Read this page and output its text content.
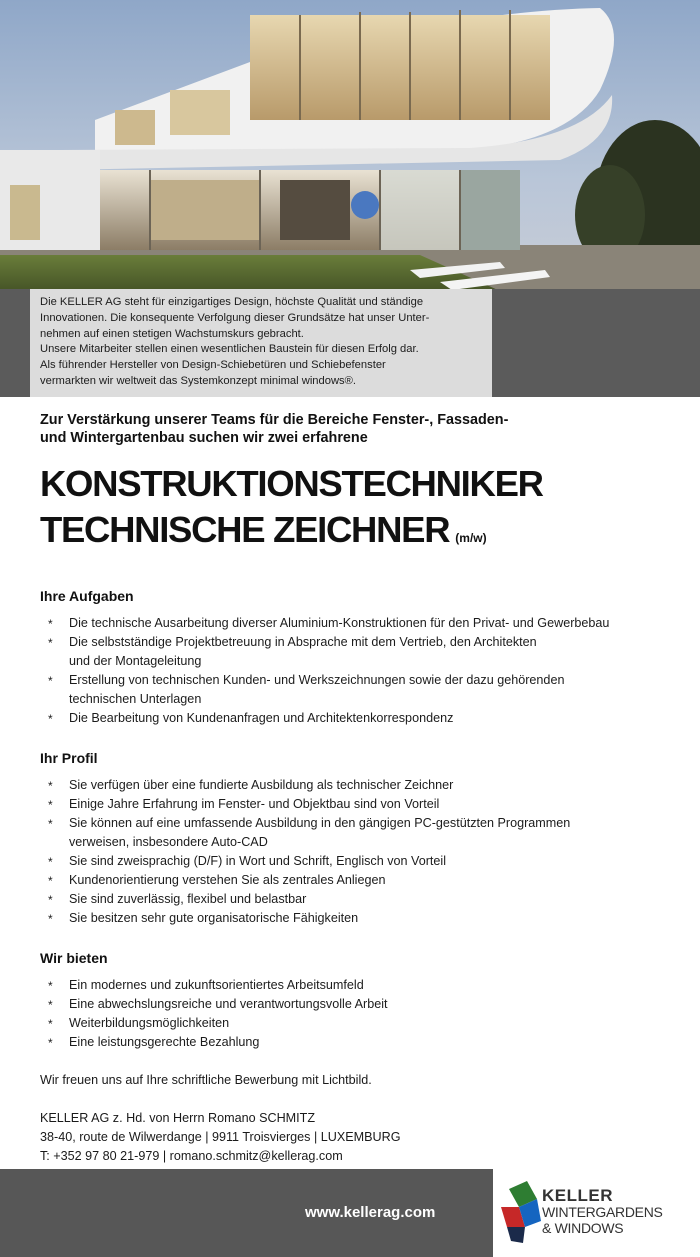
Die KELLER AG steht für einzigartiges Design, höchste Qualität und ständige

Innovationen. Die konsequente Verfolgung dieser Grundsätze hat unser Unter-

nehmen auf einen stetigen Wachstumskurs gebracht.

Unsere Mitarbeiter stellen einen wesentlichen Baustein für diesen Erfolg dar.

Als führender Hersteller von Design-Schiebetüren und Schiebefenster

vermarkten wir weltweit das Systemkonzept minimal windows®.

Zur Verstärkung unserer Teams für die Bereiche Fenster-, Fassaden-
und Wintergartenbau suchen wir zwei erfahrene

KONSTRUKTIONSTECHNIKER
TECHNISCHE ZEICHNER (m/w)
Ihre Aufgaben
* Die technische Ausarbeitung diverser Aluminium-Konstruktionen für den Privat- und Gewerbebau
* Die selbstständige Projektbetreuung in Absprache mit dem Vertrieb, den Architekten
und der Montageleitung
* Erstellung von technischen Kunden- und Werkszeichnungen sowie der dazu gehörenden
technischen Unterlagen
* Die Bearbeitung von Kundenanfragen und Architektenkorrespondenz
Ihr Profil
* Sie verfügen über eine fundierte Ausbildung als technischer Zeichner
* Einige Jahre Erfahrung im Fenster- und Objektbau sind von Vorteil
* Sie können auf eine umfassende Ausbildung in den gängigen PC-gestützten Programmen
verweisen, insbesondere Auto-CAD
* Sie sind zweisprachig (D/F) in Wort und Schrift, Englisch von Vorteil
* Kundenorientierung verstehen Sie als zentrales Anliegen
* Sie sind zuverlässig, flexibel und belastbar
* Sie besitzen sehr gute organisatorische Fähigkeiten
Wir bieten
* Ein modernes und zukunftsorientiertes Arbeitsumfeld
* Eine abwechslungsreiche und verantwortungsvolle Arbeit
* Weiterbildungsmöglichkeiten
* Eine leistungsgerechte Bezahlung

Wir freuen uns auf Ihre schriftliche Bewerbung mit Lichtbild.

KELLER AG z. Hd. von Herrn Romano SCHMITZ

38-40, route de Wilwerdange | 9911 Troisvierges | LUXEMBURG

T: +352 97 80 21-979 | romano.schmitz@kellerag.com

www.kellerag.com
KELLER
WINTERGARDENS
& WINDOWS
